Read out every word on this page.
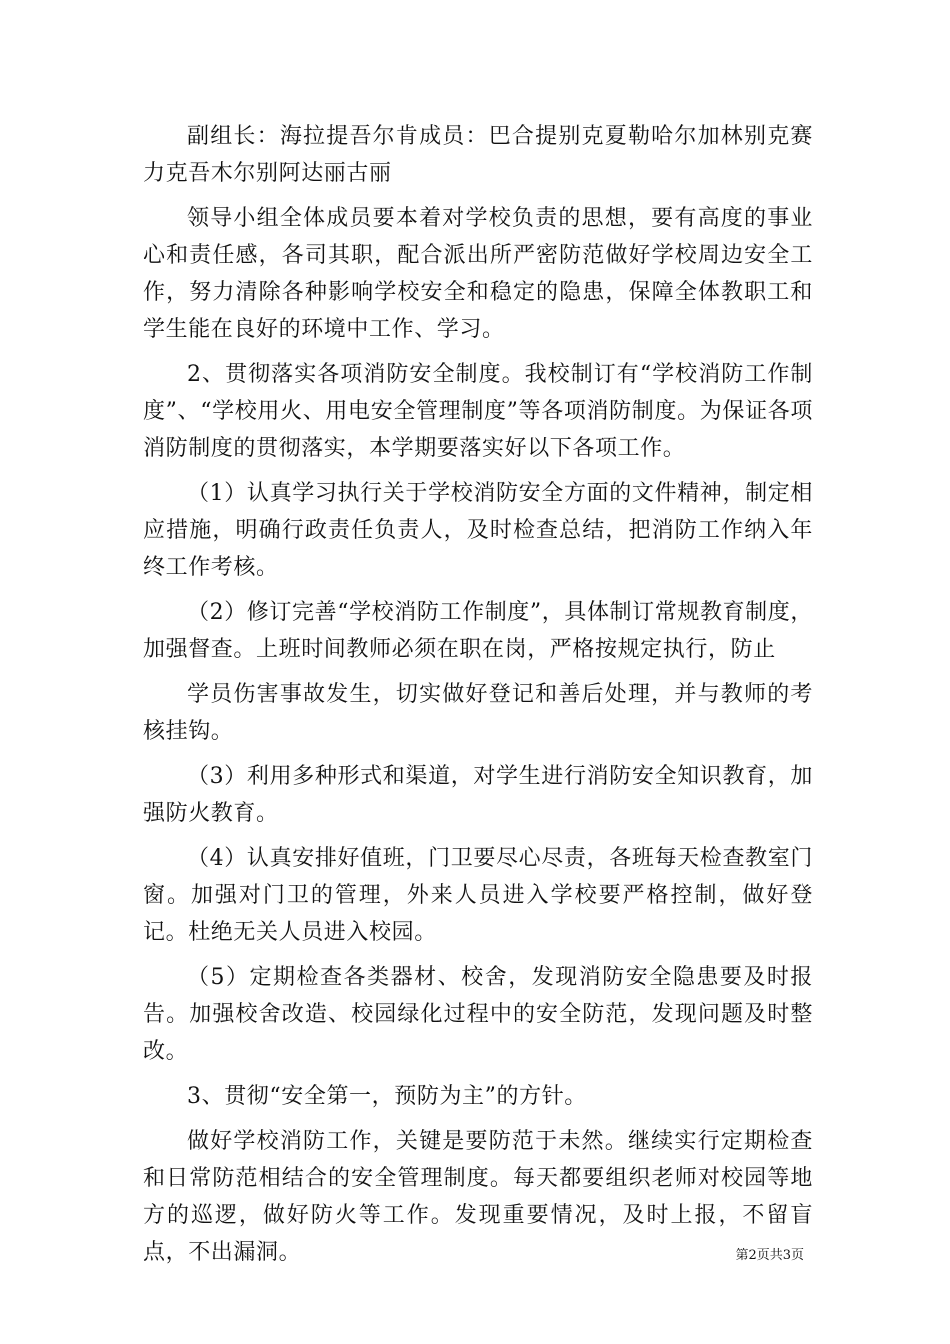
副组长：海拉提吾尔肯成员：巴合提别克夏勒哈尔加林别克赛力克吾木尔别阿达丽古丽

领导小组全体成员要本着对学校负责的思想，要有高度的事业心和责任感，各司其职，配合派出所严密防范做好学校周边安全工作，努力清除各种影响学校安全和稳定的隐患，保障全体教职工和学生能在良好的环境中工作、学习。

2、贯彻落实各项消防安全制度。我校制订有“学校消防工作制度”、“学校用火、用电安全管理制度”等各项消防制度。为保证各项消防制度的贯彻落实，本学期要落实好以下各项工作。

（1）认真学习执行关于学校消防安全方面的文件精神，制定相应措施，明确行政责任负责人，及时检查总结，把消防工作纳入年终工作考核。

（2）修订完善“学校消防工作制度”，具体制订常规教育制度，加强督查。上班时间教师必须在职在岗，严格按规定执行，防止

学员伤害事故发生，切实做好登记和善后处理，并与教师的考核挂钩。

（3）利用多种形式和渠道，对学生进行消防安全知识教育，加强防火教育。

（4）认真安排好值班，门卫要尽心尽责，各班每天检查教室门窗。加强对门卫的管理，外来人员进入学校要严格控制，做好登记。杜绝无关人员进入校园。

（5）定期检查各类器材、校舍，发现消防安全隐患要及时报告。加强校舍改造、校园绿化过程中的安全防范，发现问题及时整改。

3、贯彻“安全第一，预防为主”的方针。

做好学校消防工作，关键是要防范于未然。继续实行定期检查和日常防范相结合的安全管理制度。每天都要组织老师对校园等地方的巡逻，做好防火等工作。发现重要情况，及时上报，不留盲点，不出漏洞。	第2页共3页
